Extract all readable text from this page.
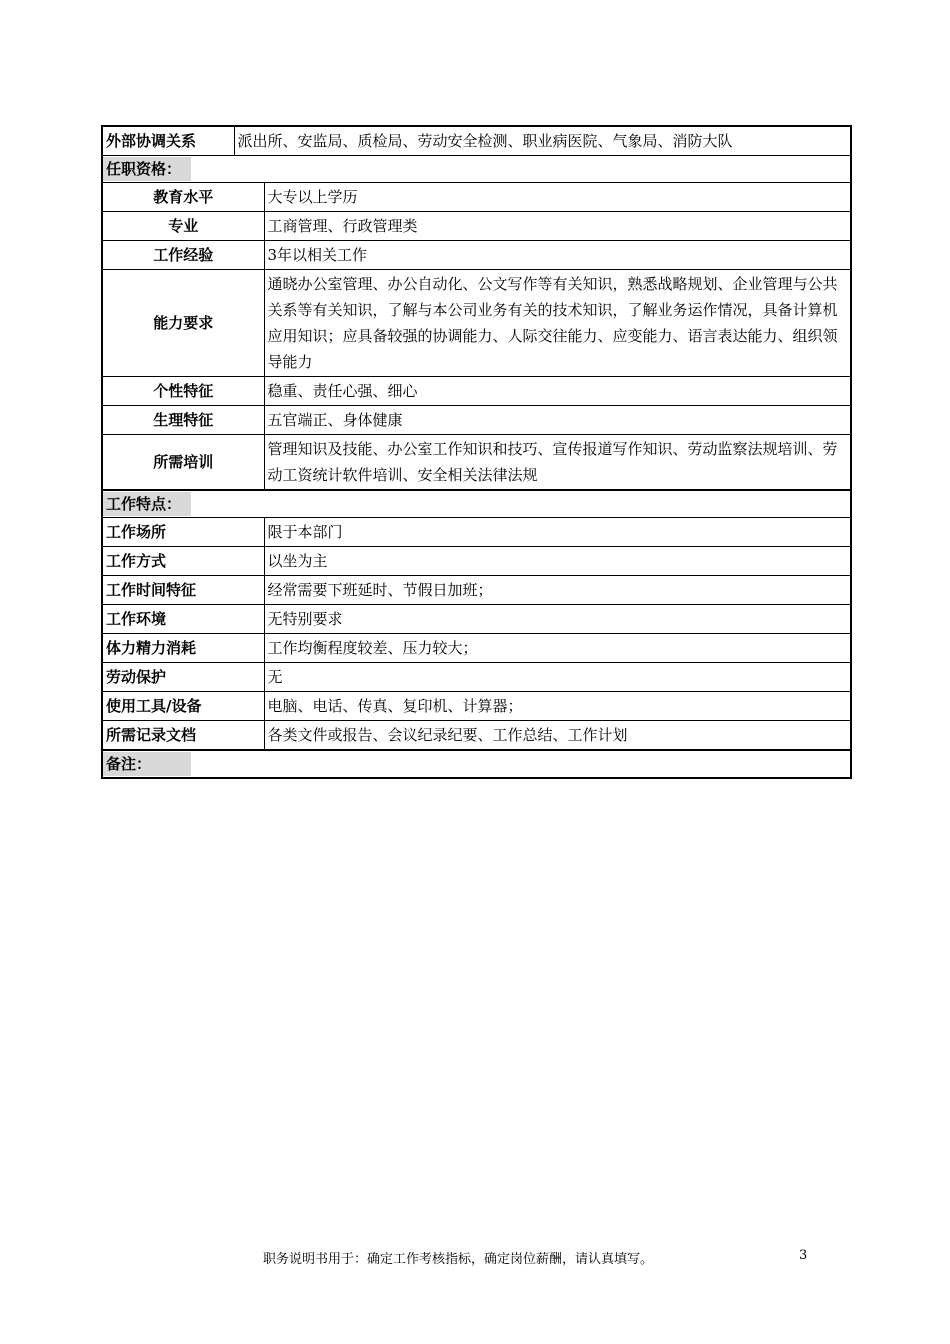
外部协调关系	派出所、安监局、质检局、劳动安全检测、职业病医院、气象局、消防大队	
任职资格：		
教育水平		大专以上学历
专业		工商管理、行政管理类
工作经验		3年以相关工作
能力要求		通晓办公室管理、办公自动化、公文写作等有关知识，熟悉战略规划、企业管理与公共关系等有关知识，了解与本公司业务有关的技术知识，了解业务运作情况，具备计算机应用知识；应具备较强的协调能力、人际交往能力、应变能力、语言表达能力、组织领导能力
个性特征		稳重、责任心强、细心
生理特征		五官端正、身体健康
所需培训		管理知识及技能、办公室工作知识和技巧、宣传报道写作知识、劳动监察法规培训、劳动工资统计软件培训、安全相关法律法规
工作特点：		
工作场所		限于本部门
工作方式		以坐为主
工作时间特征		经常需要下班延时、节假日加班；
工作环境		无特别要求
体力精力消耗		工作均衡程度较差、压力较大；
劳动保护		无
使用工具/设备		电脑、电话、传真、复印机、计算器；
所需记录文档		各类文件或报告、会议纪录纪要、工作总结、工作计划
备注：		
职务说明书用于：确定工作考核指标，确定岗位薪酬，请认真填写。	3
